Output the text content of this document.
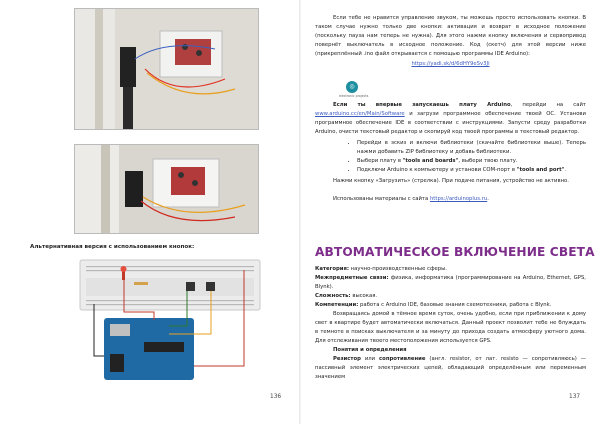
Альтернативная версия с использованием кнопок:
136

Если тебе не нравится управление звуком, ты можешь просто использовать кнопки. В таком случае нужно только две кнопки: активация и возврат в исходное положение (поскольку пауза нам теперь не нужна). Для этого нажми кнопку включения и сервопривод повернёт выключатель в исходное положение. Код (скетч) для этой версии ниже (прикреплённый .ino файл открывается с помощью программы IDE Arduino):

https://yadi.sk/d/6dHY9eSv3Ji

◎
electronic projects

Если ты впервые запускаешь плату Arduino, перейди на сайт www.arduino.cc/en/Main/Software и загрузи программное обеспечение твоей ОС. Установи программное обеспечение IDE в соответствии с инструкциями. Запусти среду разработки Arduino, очисти текстовый редактор и скопируй код твоей программы в текстовый редактор.

• Перейди в эскиз и включи библиотеки (скачайте библиотеки выше). Теперь нажми добавить ZIP библиотеку и добавь библиотеки.
• Выбери плату в "tools and boards", выбери твою плату.
• Подключи Arduino к компьютеру и установи COM-порт в "tools and port".

Нажми кнопку «Загрузить» (стрелка). При подаче питания, устройство не активно.

Использованы материалы с сайта https://arduinoplus.ru.

АВТОМАТИЧЕСКОЕ ВКЛЮЧЕНИЕ СВЕТА

Категория: научно-производственные сферы.

Межпредметные связи: физика, информатика (программирование на Arduino, Ethernet, GPS, Blynk).

Сложность: высокая.

Компетенции: работа с Arduino IDE, базовые знания схемотехники, работа с Blynk.

Возвращаясь домой в тёмное время суток, очень удобно, если при приближении к дому свет в квартире будет автоматически включаться. Данный проект позволит тебе не блуждать в темноте в поисках выключателя и за минуту до прихода создать атмосферу уютного дома. Для отслеживания твоего местоположения используется GPS.

Понятия и определения

Резистор или сопротивление (англ. resistor, от лат. resisto — сопротивляюсь) — пассивный элемент электрических цепей, обладающий определённым или переменным значением

137
